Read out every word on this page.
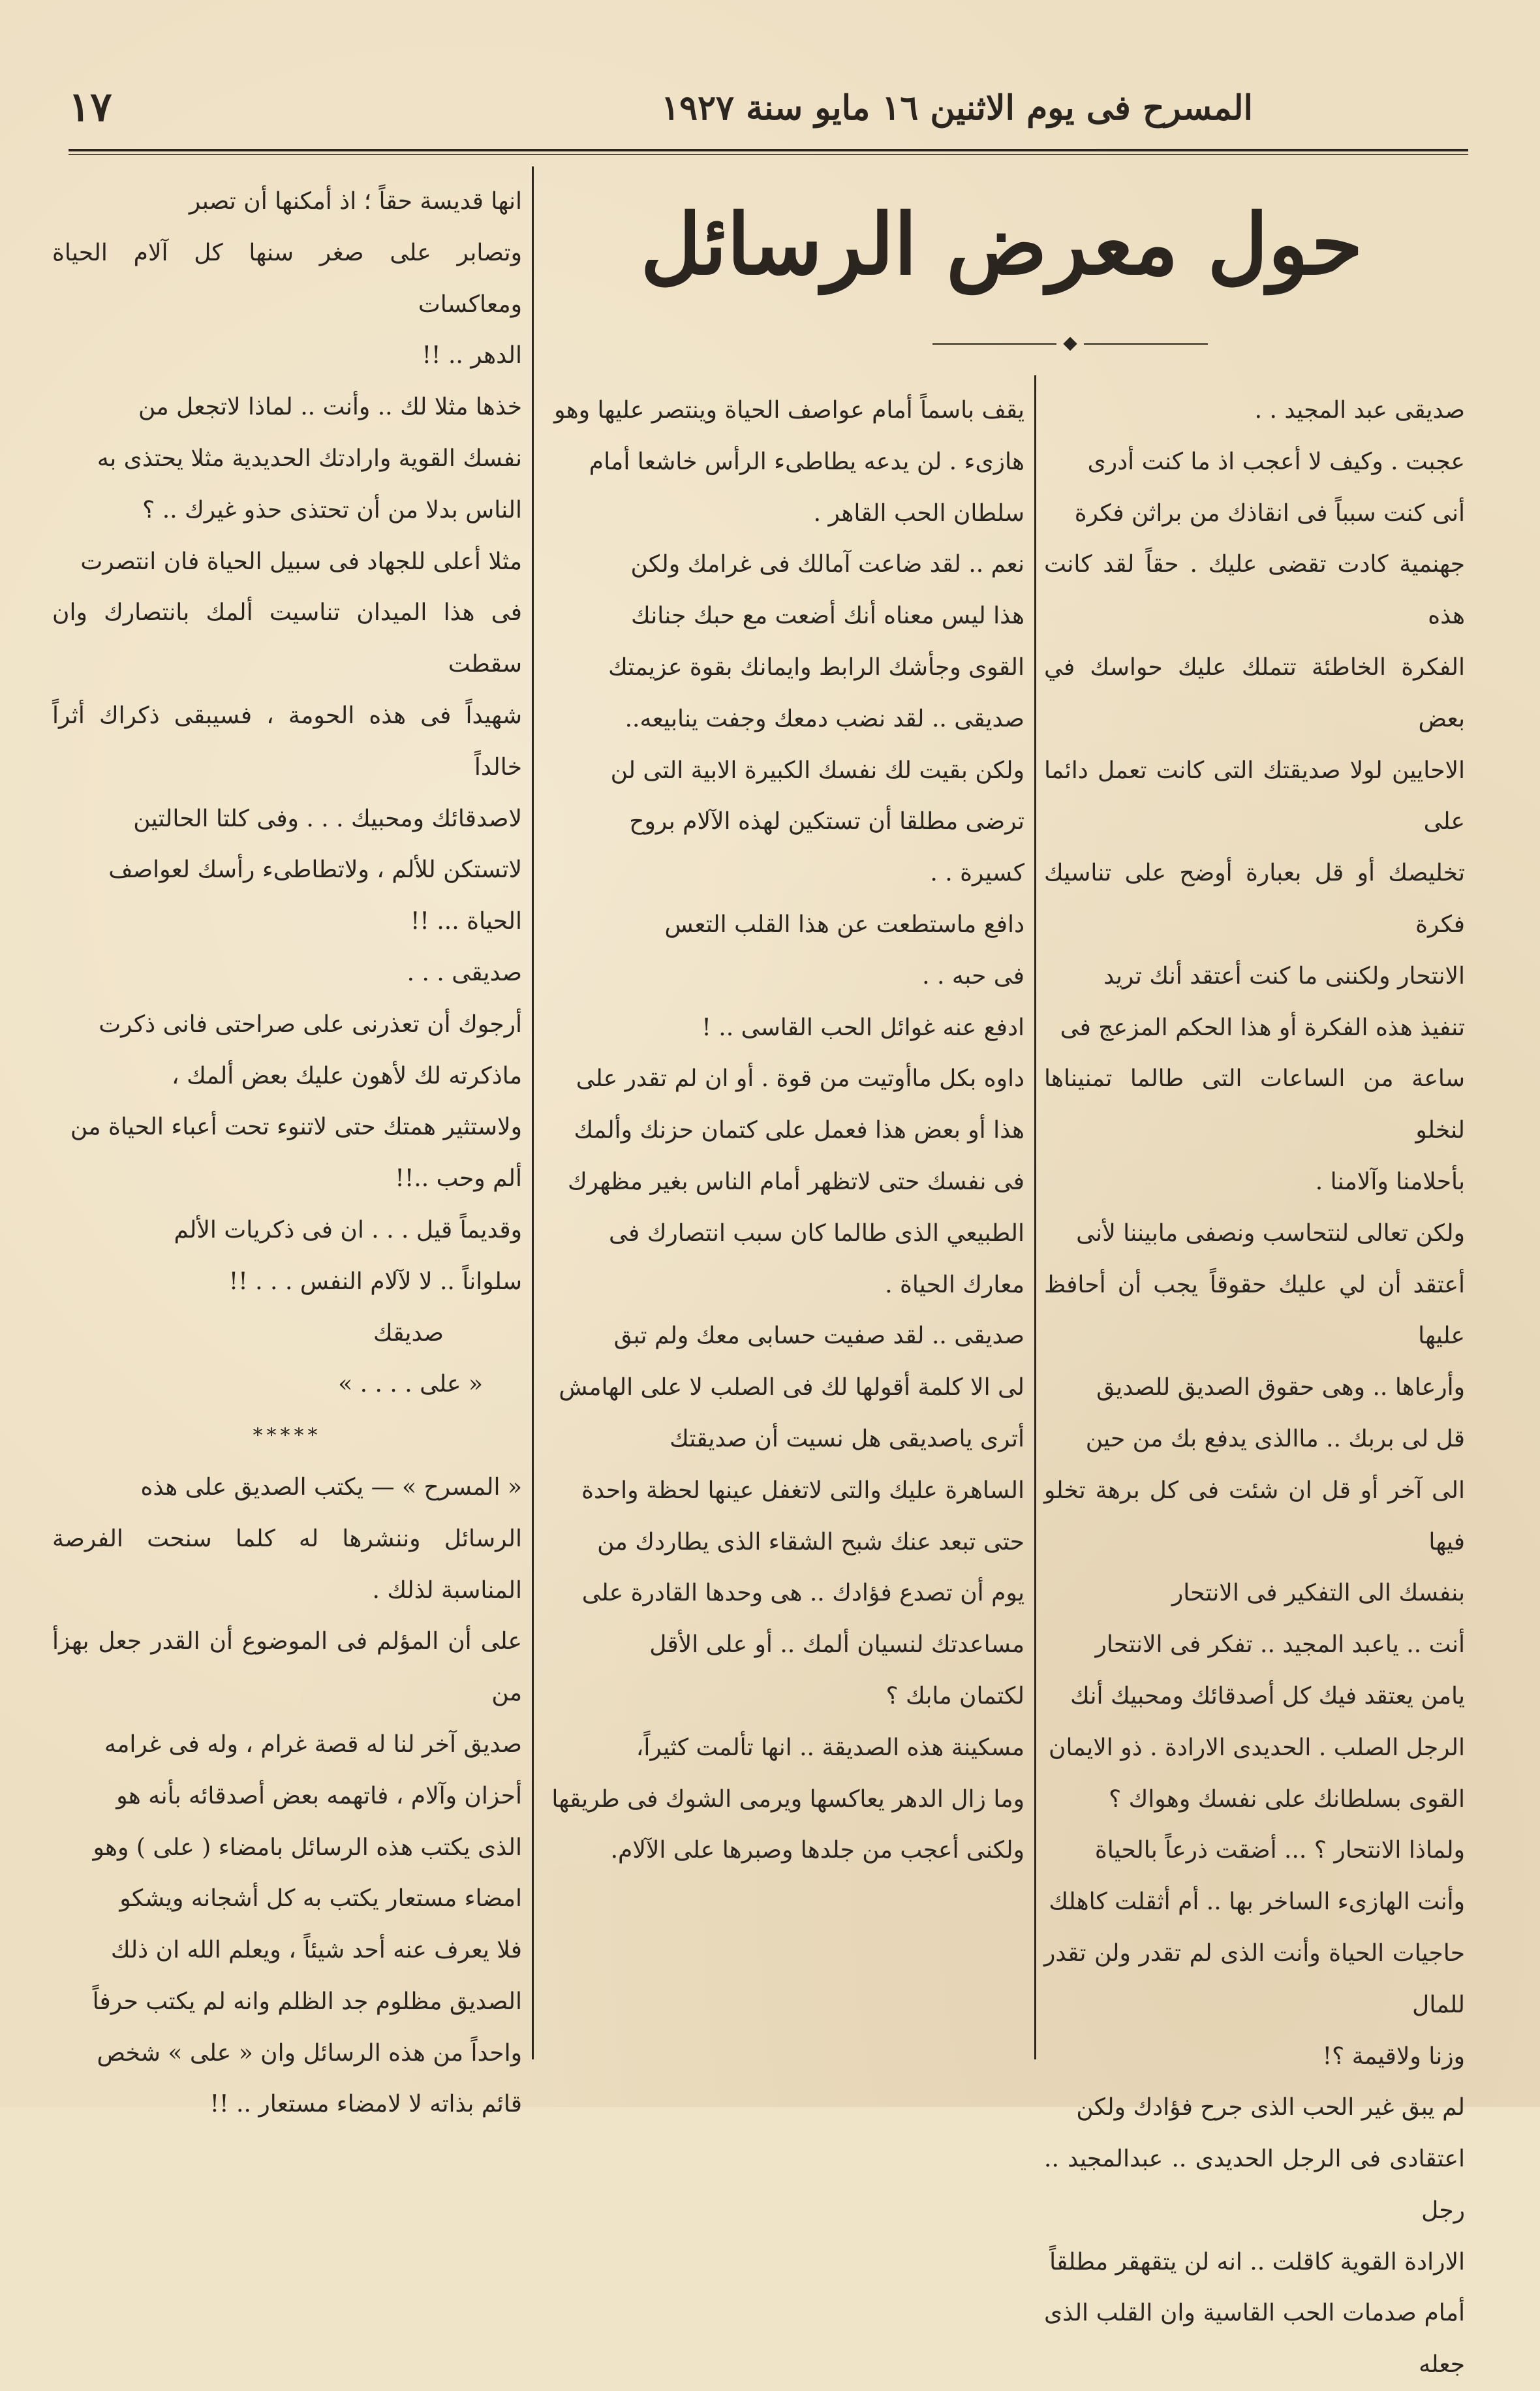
المسرح فى يوم الاثنين ١٦ مايو سنة ١٩٢٧
١٧
حول معرض الرسائل
◆

صديقى عبد المجيد . .

عجبت . وكيف لا أعجب اذ ما كنت أدرى

أنى كنت سبباً فى انقاذك من براثن فكرة

جهنمية كادت تقضى عليك . حقاً لقد كانت هذه

الفكرة الخاطئة تتملك عليك حواسك في بعض

الاحايين لولا صديقتك التى كانت تعمل دائما على

تخليصك أو قل بعبارة أوضح على تناسيك فكرة

الانتحار ولكننى ما كنت أعتقد أنك تريد

تنفيذ هذه الفكرة أو هذا الحكم المزعج فى

ساعة من الساعات التى طالما تمنيناها لنخلو

بأحلامنا وآلامنا .

ولكن تعالى لنتحاسب ونصفى مابيننا لأنى

أعتقد أن لي عليك حقوقاً يجب أن أحافظ عليها

وأرعاها .. وهى حقوق الصديق للصديق

قل لى بربك .. ماالذى يدفع بك من حين

الى آخر أو قل ان شئت فى كل برهة تخلو فيها

بنفسك الى التفكير فى الانتحار

أنت .. ياعبد المجيد .. تفكر فى الانتحار

يامن يعتقد فيك كل أصدقائك ومحبيك أنك

الرجل الصلب . الحديدى الارادة . ذو الايمان

القوى بسلطانك على نفسك وهواك ؟

ولماذا الانتحار ؟ ... أضقت ذرعاً بالحياة

وأنت الهازىء الساخر بها .. أم أثقلت كاهلك

حاجيات الحياة وأنت الذى لم تقدر ولن تقدر للمال

وزنا ولاقيمة ؟!

لم يبق غير الحب الذى جرح فؤادك ولكن

اعتقادى فى الرجل الحديدى .. عبدالمجيد .. رجل

الارادة القوية كاقلت .. انه لن يتقهقر مطلقاً

أمام صدمات الحب القاسية وان القلب الذى جعله

يقف باسماً أمام عواصف الحياة وينتصر عليها وهو

هازىء . لن يدعه يطاطىء الرأس خاشعا أمام

سلطان الحب القاهر .

نعم .. لقد ضاعت آمالك فى غرامك ولكن

هذا ليس معناه أنك أضعت مع حبك جنانك

القوى وجأشك الرابط وايمانك بقوة عزيمتك

صديقى .. لقد نضب دمعك وجفت ينابيعه..

ولكن بقيت لك نفسك الكبيرة الابية التى لن

ترضى مطلقا أن تستكين لهذه الآلام بروح

كسيرة . .

دافع ماستطعت عن هذا القلب التعس

فى حبه . .

ادفع عنه غوائل الحب القاسى .. !

داوه بكل ماأوتيت من قوة . أو ان لم تقدر على

هذا أو بعض هذا فعمل على كتمان حزنك وألمك

فى نفسك حتى لاتظهر أمام الناس بغير مظهرك

الطبيعي الذى طالما كان سبب انتصارك فى

معارك الحياة .

صديقى .. لقد صفيت حسابى معك ولم تبق

لى الا كلمة أقولها لك فى الصلب لا على الهامش

أترى ياصديقى هل نسيت أن صديقتك

الساهرة عليك والتى لاتغفل عينها لحظة واحدة

حتى تبعد عنك شبح الشقاء الذى يطاردك من

يوم أن تصدع فؤادك .. هى وحدها القادرة على

مساعدتك لنسيان ألمك .. أو على الأقل

لكتمان مابك ؟

مسكينة هذه الصديقة .. انها تألمت كثيراً،

وما زال الدهر يعاكسها ويرمى الشوك فى طريقها

ولكنى أعجب من جلدها وصبرها على الآلام.

انها قديسة حقاً ؛ اذ أمكنها أن تصبر

وتصابر على صغر سنها كل آلام الحياة ومعاكسات

الدهر .. !!

خذها مثلا لك .. وأنت .. لماذا لاتجعل من

نفسك القوية وارادتك الحديدية مثلا يحتذى به

الناس بدلا من أن تحتذى حذو غيرك .. ؟

مثلا أعلى للجهاد فى سبيل الحياة فان انتصرت

فى هذا الميدان تناسيت ألمك بانتصارك وان سقطت

شهيداً فى هذه الحومة ، فسيبقى ذكراك أثراً خالداً

لاصدقائك ومحبيك . . . وفى كلتا الحالتين

لاتستكن للألم ، ولاتطاطىء رأسك لعواصف

الحياة ... !!

صديقى . . .

أرجوك أن تعذرنى على صراحتى فانى ذكرت

ماذكرته لك لأهون عليك بعض ألمك ،

ولاستثير همتك حتى لاتنوء تحت أعباء الحياة من

ألم وحب ..!!

وقديماً قيل . . . ان فى ذكريات الألم

سلواناً .. لا لآلام النفس . . . !!

صديقك

« على . . . . »

*****

« المسرح » — يكتب الصديق على هذه

الرسائل وننشرها له كلما سنحت الفرصة المناسبة لذلك .

على أن المؤلم فى الموضوع أن القدر جعل بهزأ من

صديق آخر لنا له قصة غرام ، وله فى غرامه

أحزان وآلام ، فاتهمه بعض أصدقائه بأنه هو

الذى يكتب هذه الرسائل بامضاء ( على ) وهو

امضاء مستعار يكتب به كل أشجانه ويشكو

فلا يعرف عنه أحد شيئاً ، ويعلم الله ان ذلك

الصديق مظلوم جد الظلم وانه لم يكتب حرفاً

واحداً من هذه الرسائل وان « على » شخص

قائم بذاته لا لامضاء مستعار .. !!
